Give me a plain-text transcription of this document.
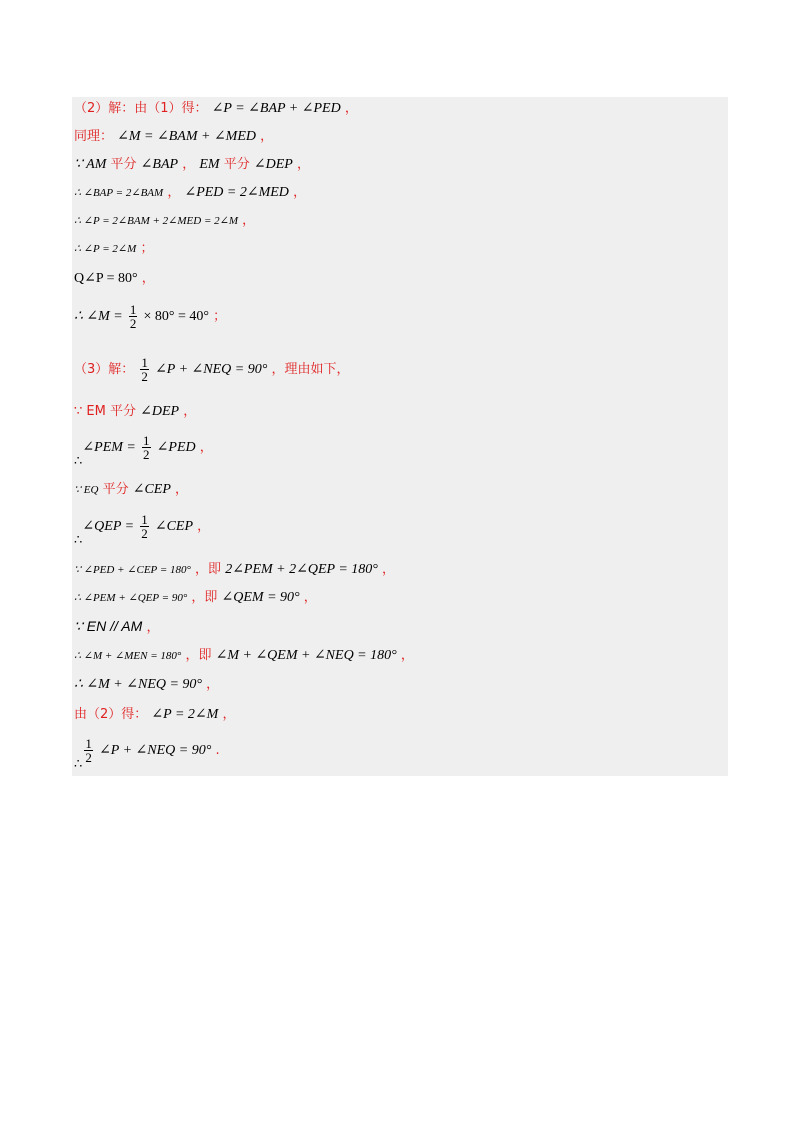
（2）解：由（1）得： ∠P = ∠BAP + ∠PED ，
同理： ∠M = ∠BAM + ∠MED ，
∵ AM 平分 ∠BAP ， EM 平分 ∠DEP ，
∴ ∠BAP = 2∠BAM ， ∠PED = 2∠MED ，
∴ ∠P = 2∠BAM + 2∠MED = 2∠M ，
∴ ∠P = 2∠M ；
Q∠P = 80° ，
∴ ∠M = $\frac{1}{2} \times 80^\circ = 40^\circ$ ；
（3）解： $\frac{1}{2}$ ∠P + ∠NEQ = 90° ，理由如下，
∵ EM 平分 ∠DEP ，
∴ ∠PEM = $\frac{1}{2}$ ∠PED ，
∵ EQ 平分 ∠CEP ，
∴ ∠QEP = $\frac{1}{2}$ ∠CEP ，
∵ ∠PED + ∠CEP = 180° ，即 2∠PEM + 2∠QEP = 180° ，
∴ ∠PEM + ∠QEP = 90° ，即 ∠QEM = 90° ，
∵ EN // AM ，
∴ ∠M + ∠MEN = 180° ，即 ∠M + ∠QEM + ∠NEQ = 180° ，
∴ ∠M + ∠NEQ = 90° ，
由（2）得： ∠P = 2∠M ，
∴
$\frac{1}{2}$ ∠P + ∠NEQ = 90° .
